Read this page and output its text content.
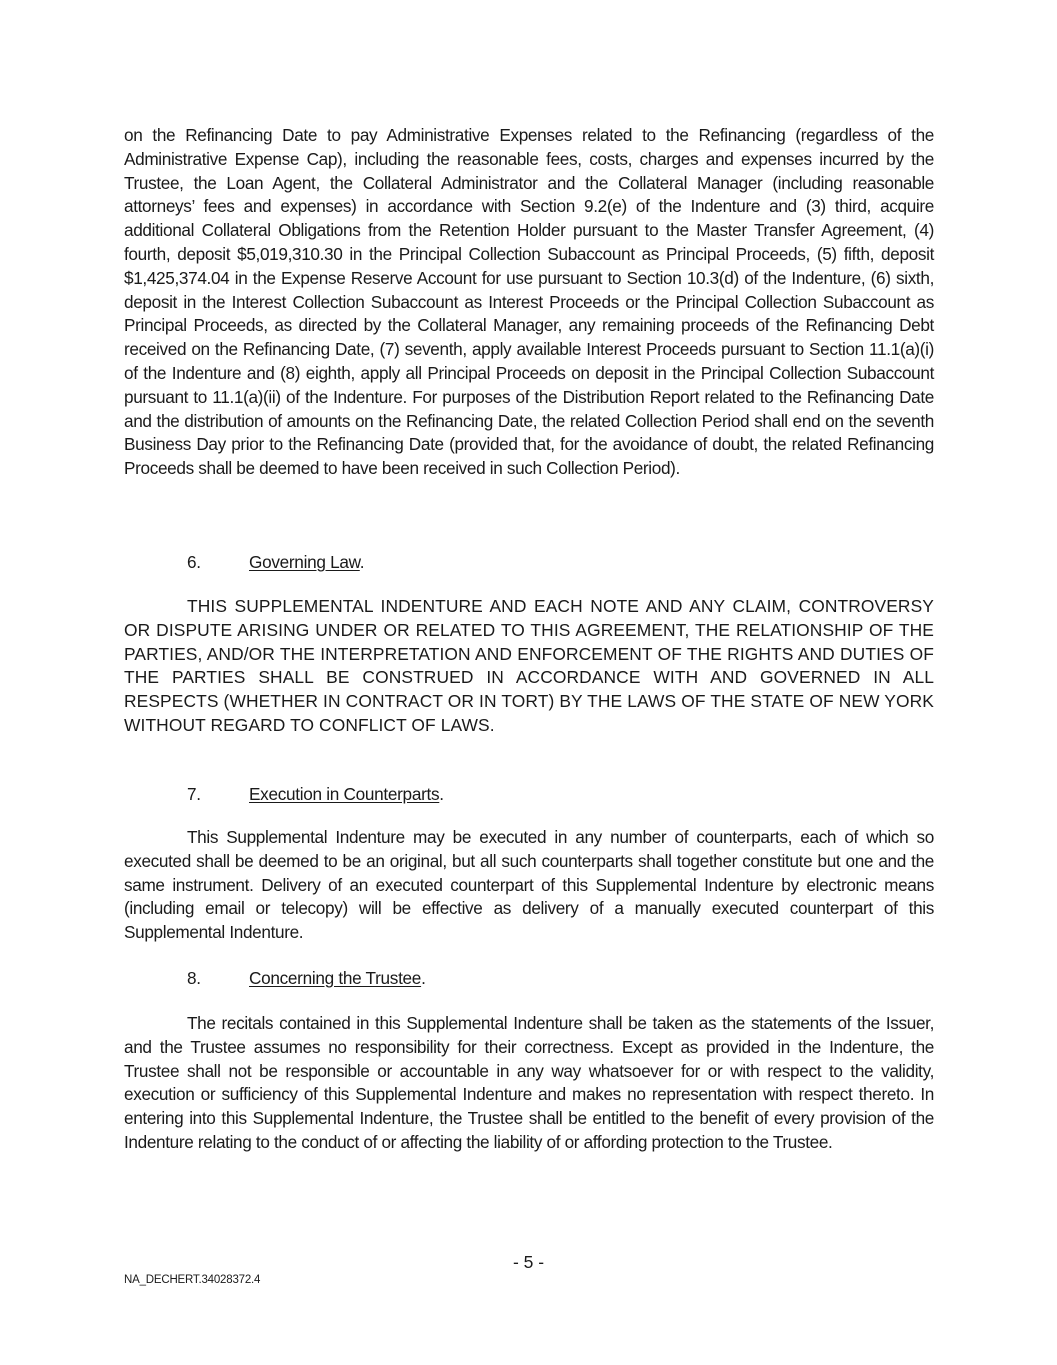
on the Refinancing Date to pay Administrative Expenses related to the Refinancing (regardless of the Administrative Expense Cap), including the reasonable fees, costs, charges and expenses incurred by the Trustee, the Loan Agent, the Collateral Administrator and the Collateral Manager (including reasonable attorneys’ fees and expenses) in accordance with Section 9.2(e) of the Indenture and (3) third, acquire additional Collateral Obligations from the Retention Holder pursuant to the Master Transfer Agreement, (4) fourth, deposit $5,019,310.30 in the Principal Collection Subaccount as Principal Proceeds, (5) fifth, deposit $1,425,374.04 in the Expense Reserve Account for use pursuant to Section 10.3(d) of the Indenture, (6) sixth, deposit in the Interest Collection Subaccount as Interest Proceeds or the Principal Collection Subaccount as Principal Proceeds, as directed by the Collateral Manager, any remaining proceeds of the Refinancing Debt received on the Refinancing Date, (7) seventh, apply available Interest Proceeds pursuant to Section 11.1(a)(i) of the Indenture and (8) eighth, apply all Principal Proceeds on deposit in the Principal Collection Subaccount pursuant to 11.1(a)(ii) of the Indenture. For purposes of the Distribution Report related to the Refinancing Date and the distribution of amounts on the Refinancing Date, the related Collection Period shall end on the seventh Business Day prior to the Refinancing Date (provided that, for the avoidance of doubt, the related Refinancing Proceeds shall be deemed to have been received in such Collection Period).

6.	Governing Law.

THIS SUPPLEMENTAL INDENTURE AND EACH NOTE AND ANY CLAIM, CONTROVERSY OR DISPUTE ARISING UNDER OR RELATED TO THIS AGREEMENT, THE RELATIONSHIP OF THE PARTIES, AND/OR THE INTERPRETATION AND ENFORCEMENT OF THE RIGHTS AND DUTIES OF THE PARTIES SHALL BE CONSTRUED IN ACCORDANCE WITH AND GOVERNED IN ALL RESPECTS (WHETHER IN CONTRACT OR IN TORT) BY THE LAWS OF THE STATE OF NEW YORK WITHOUT REGARD TO CONFLICT OF LAWS.

7.	Execution in Counterparts.

This Supplemental Indenture may be executed in any number of counterparts, each of which so executed shall be deemed to be an original, but all such counterparts shall together constitute but one and the same instrument. Delivery of an executed counterpart of this Supplemental Indenture by electronic means (including email or telecopy) will be effective as delivery of a manually executed counterpart of this Supplemental Indenture.

8.	Concerning the Trustee.

The recitals contained in this Supplemental Indenture shall be taken as the statements of the Issuer, and the Trustee assumes no responsibility for their correctness. Except as provided in the Indenture, the Trustee shall not be responsible or accountable in any way whatsoever for or with respect to the validity, execution or sufficiency of this Supplemental Indenture and makes no representation with respect thereto. In entering into this Supplemental Indenture, the Trustee shall be entitled to the benefit of every provision of the Indenture relating to the conduct of or affecting the liability of or affording protection to the Trustee.

- 5 -
NA_DECHERT.34028372.4
